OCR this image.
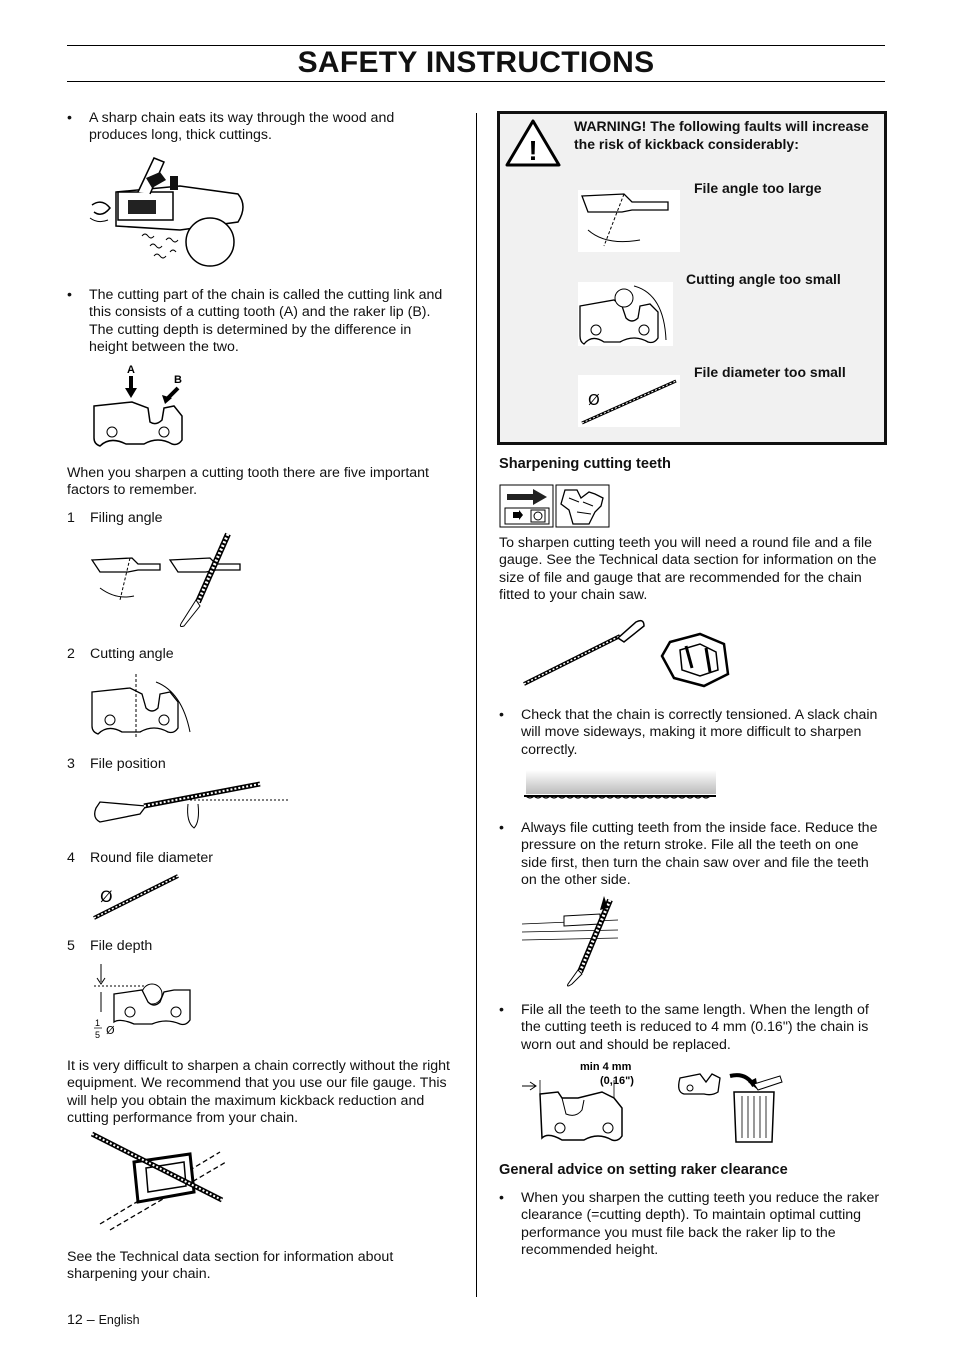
SAFETY INSTRUCTIONS
• A sharp chain eats its way through the wood and produces long, thick cuttings.
• The cutting part of the chain is called the cutting link and this consists of a cutting tooth (A) and the raker lip (B). The cutting depth is determined by the difference in height between the two.
A
B
When you sharpen a cutting tooth there are five important factors to remember.
1 Filing angle
2 Cutting angle
3 File position
4 Round file diameter
Ø
5 File depth
1
5 Ø
It is very difficult to sharpen a chain correctly without the right equipment. We recommend that you use our file gauge. This will help you obtain the maximum kickback reduction and cutting performance from your chain.
See the Technical data section for information about sharpening your chain.
!
WARNING! The following faults will increase the risk of kickback considerably:
File angle too large
Cutting angle too small
Ø
File diameter too small
Sharpening cutting teeth
To sharpen cutting teeth you will need a round file and a file gauge. See the Technical data section for information on the size of file and gauge that are recommended for the chain fitted to your chain saw.
• Check that the chain is correctly tensioned. A slack chain will move sideways, making it more difficult to sharpen correctly.
• Always file cutting teeth from the inside face. Reduce the pressure on the return stroke. File all the teeth on one side first, then turn the chain saw over and file the teeth on the other side.
• File all the teeth to the same length. When the length of the cutting teeth is reduced to 4 mm (0.16") the chain is worn out and should be replaced.
min 4 mm
(0,16")
General advice on setting raker clearance
• When you sharpen the cutting teeth you reduce the raker clearance (=cutting depth). To maintain optimal cutting performance you must file back the raker lip to the recommended height.
12 – English
